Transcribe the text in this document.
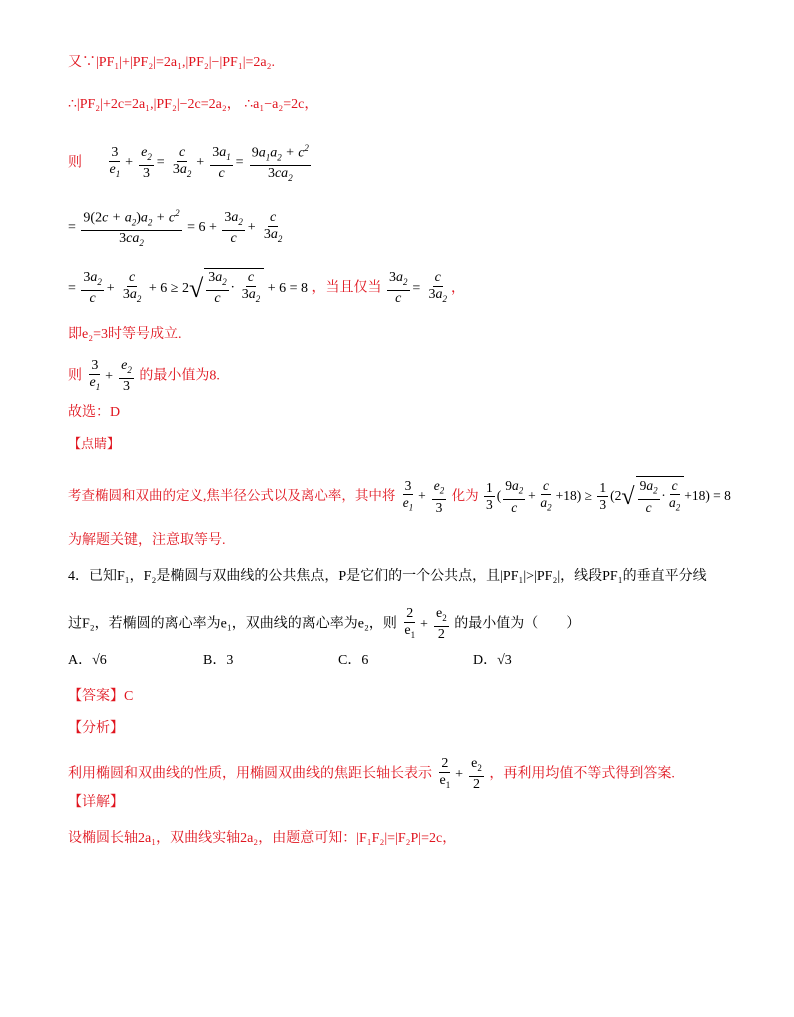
又∵|PF₁|+|PF₂|=2a₁,|PF₂|−|PF₁|=2a₂.
∴|PF₂|+2c=2a₁,|PF₂|−2c=2a₂， ∴a₁−a₂=2c，
则 $\frac{3}{e_1} + \frac{e_2}{3} = \frac{c}{3a_2} + \frac{3a_1}{c} = \frac{9a_1a_2 + c^2}{3ca_2}$
= $\frac{9(2c + a_2)a_2 + c^2}{3ca_2} = 6 + \frac{3a_2}{c} + \frac{c}{3a_2}$
= $\frac{3a_2}{c} + \frac{c}{3a_2} + 6 \ge 2√ \frac{3a_2}{c} \cdot \frac{c}{3a_2} + 6 = 8$ ，当且仅当 $\frac{3a_2}{c} = \frac{c}{3a_2}$ ，
即e₂=3时等号成立.
则 $\frac{3}{e_1} + \frac{e_2}{3}$ 的最小值为8.
故选：D
【点睛】
考查椭圆和双曲的定义,焦半径公式以及离心率，其中将 $\frac{3}{e_1} + \frac{e_2}{3}$ 化为 $\frac{1}{3}$ ( $\frac{9a_2}{c} + \frac{c}{a_2} +18) \ge \frac{1}{3} (2√ \frac{9a_2}{c} \cdot \frac{c}{a_2} +18) = 8$
为解题关键，注意取等号.
4．已知F₁，F₂是椭圆与双曲线的公共焦点，P是它们的一个公共点，且|PF₁|>|PF₂|，线段PF₁的垂直平分线
过F₂，若椭圆的离心率为e₁，双曲线的离心率为e₂，则 $\frac{2}{e_1} + \frac{e_2}{2}$ 的最小值为（　　）
A．√6	B．3	C．6	D．√3
【答案】C
【分析】
利用椭圆和双曲线的性质，用椭圆双曲线的焦距长轴长表示 $\frac{2}{e_1} + \frac{e_2}{2}$ ，再利用均值不等式得到答案.
【详解】
设椭圆长轴2a₁，双曲线实轴2a₂，由题意可知：|F₁F₂|=|F₂P|=2c，
